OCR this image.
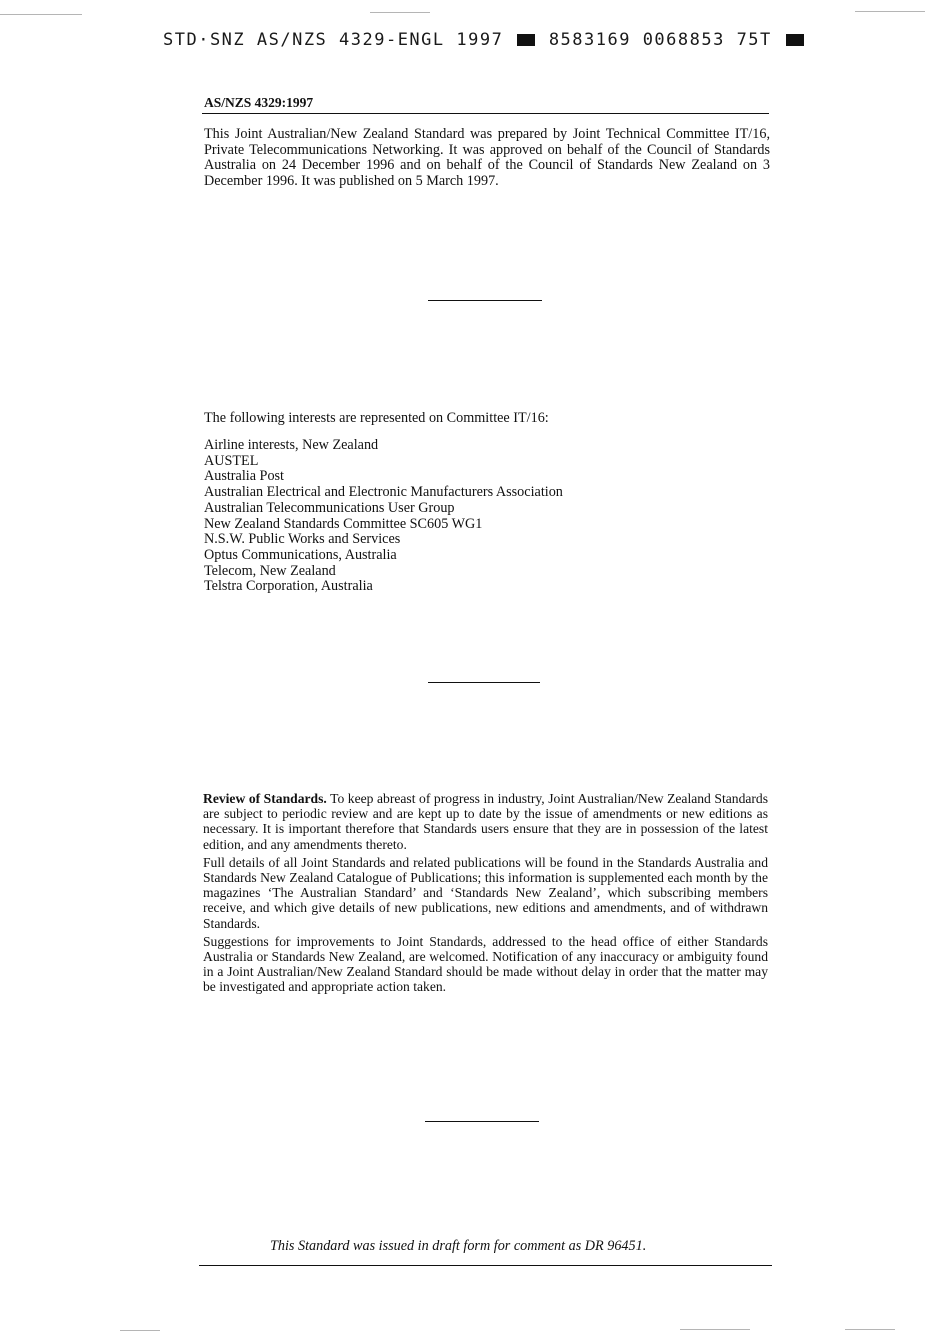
STD·SNZ AS/NZS 4329-ENGL 1997	8583169 0068853 75T
AS/NZS 4329:1997

This Joint Australian/New Zealand Standard was prepared by Joint Technical Committee IT/16, Private Telecommunications Networking. It was approved on behalf of the Council of Standards Australia on 24 December 1996 and on behalf of the Council of Standards New Zealand on 3 December 1996. It was published on 5 March 1997.

The following interests are represented on Committee IT/16:
Airline interests, New Zealand
AUSTEL
Australia Post
Australian Electrical and Electronic Manufacturers Association
Australian Telecommunications User Group
New Zealand Standards Committee SC605 WG1
N.S.W. Public Works and Services
Optus Communications, Australia
Telecom, New Zealand
Telstra Corporation, Australia

Review of Standards. To keep abreast of progress in industry, Joint Australian/New Zealand Standards are subject to periodic review and are kept up to date by the issue of amendments or new editions as necessary. It is important therefore that Standards users ensure that they are in possession of the latest edition, and any amendments thereto.

Full details of all Joint Standards and related publications will be found in the Standards Australia and Standards New Zealand Catalogue of Publications; this information is supplemented each month by the magazines ‘The Australian Standard’ and ‘Standards New Zealand’, which subscribing members receive, and which give details of new publications, new editions and amendments, and of withdrawn Standards.

Suggestions for improvements to Joint Standards, addressed to the head office of either Standards Australia or Standards New Zealand, are welcomed. Notification of any inaccuracy or ambiguity found in a Joint Australian/New Zealand Standard should be made without delay in order that the matter may be investigated and appropriate action taken.

This Standard was issued in draft form for comment as DR 96451.
